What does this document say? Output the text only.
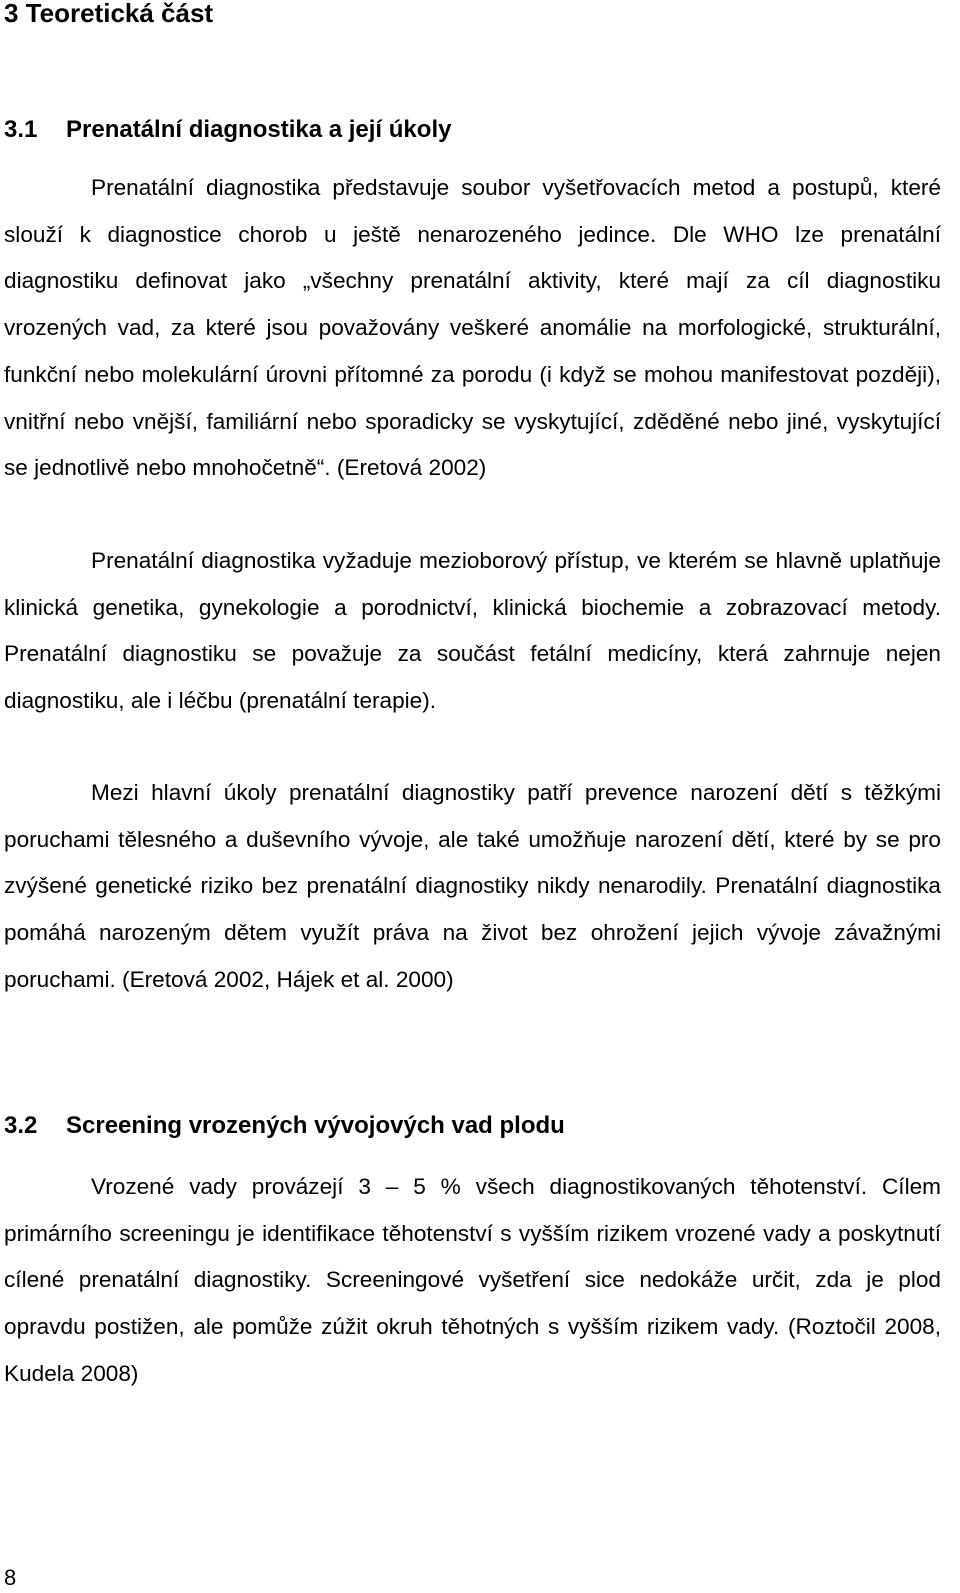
3 Teoretická část
3.1 Prenatální diagnostika a její úkoly

Prenatální diagnostika představuje soubor vyšetřovacích metod a postupů, které slouží k diagnostice chorob u ještě nenarozeného jedince. Dle WHO lze prenatální diagnostiku definovat jako „všechny prenatální aktivity, které mají za cíl diagnostiku vrozených vad, za které jsou považovány veškeré anomálie na morfologické, strukturální, funkční nebo molekulární úrovni přítomné za porodu (i když se mohou manifestovat později), vnitřní nebo vnější, familiární nebo sporadicky se vyskytující, zděděné nebo jiné, vyskytující se jednotlivě nebo mnohočetně“. (Eretová 2002)

Prenatální diagnostika vyžaduje mezioborový přístup, ve kterém se hlavně uplatňuje klinická genetika, gynekologie a porodnictví, klinická biochemie a zobrazovací metody. Prenatální diagnostiku se považuje za součást fetální medicíny, která zahrnuje nejen diagnostiku, ale i léčbu (prenatální terapie).

Mezi hlavní úkoly prenatální diagnostiky patří prevence narození dětí s těžkými poruchami tělesného a duševního vývoje, ale také umožňuje narození dětí, které by se pro zvýšené genetické riziko bez prenatální diagnostiky nikdy nenarodily. Prenatální diagnostika pomáhá narozeným dětem využít práva na život bez ohrožení jejich vývoje závažnými poruchami. (Eretová 2002, Hájek et al. 2000)

3.2 Screening vrozených vývojových vad plodu

Vrozené vady provázejí 3 – 5 % všech diagnostikovaných těhotenství. Cílem primárního screeningu je identifikace těhotenství s vyšším rizikem vrozené vady a poskytnutí cílené prenatální diagnostiky. Screeningové vyšetření sice nedokáže určit, zda je plod opravdu postižen, ale pomůže zúžit okruh těhotných s vyšším rizikem vady. (Roztočil 2008, Kudela 2008)

8
